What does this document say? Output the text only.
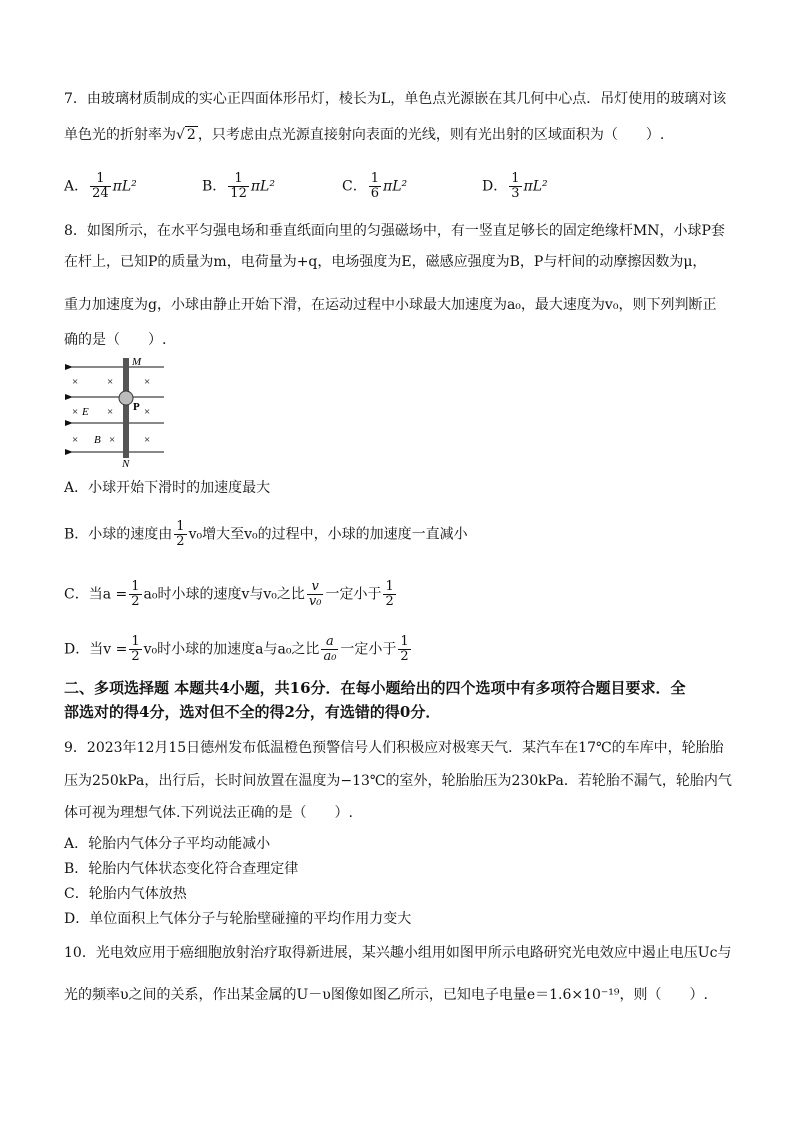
7．由玻璃材质制成的实心正四面体形吊灯，棱长为L，单色点光源嵌在其几何中心点．吊灯使用的玻璃对该
单色光的折射率为√ 2 ，只考虑由点光源直接射向表面的光线，则有光出射的区域面积为（　　）.
A． $\frac{1}{24} \pi L^2$	B． $\frac{1}{12} \pi L^2$	C． $\frac{1}{6} \pi L^2$	D． $\frac{1}{3} \pi L^2$
8．如图所示，在水平匀强电场和垂直纸面向里的匀强磁场中，有一竖直足够长的固定绝缘杆MN，小球P套
在杆上，已知P的质量为m，电荷量为+q，电场强度为E，磁感应强度为B，P与杆间的动摩擦因数为μ，
重力加速度为g，小球由静止开始下滑，在运动过程中小球最大加速度为a₀，最大速度为v₀，则下列判断正
确的是（　　）.
M
N
P
E
B
×	×	×
×	×	×
×	×	×
A．小球开始下滑时的加速度最大
B．小球的速度由 $\frac{1}{2} v_0$增大至v₀的过程中，小球的加速度一直减小
C．当$a = \frac{1}{2} a_0$时小球的速度v与v₀之比 $\frac{v}{\text{v₀}}$ 一定小于 $\frac{1}{2}$
D．当$v = \frac{1}{2} v_0$时小球的加速度a与a₀之比 $\frac{a}{\text{a₀}}$ 一定小于 $\frac{1}{2}$
二、多项选择题 本题共4小题，共16分．在每小题给出的四个选项中有多项符合题目要求．全
部选对的得4分，选对但不全的得2分，有选错的得0分．
9．2023年12月15日德州发布低温橙色预警信号人们积极应对极寒天气．某汽车在17℃的车库中，轮胎胎
压为250kPa，出行后，长时间放置在温度为−13℃的室外，轮胎胎压为230kPa．若轮胎不漏气，轮胎内气
体可视为理想气体.下列说法正确的是（　　）.
A．轮胎内气体分子平均动能减小
B．轮胎内气体状态变化符合查理定律
C．轮胎内气体放热
D．单位面积上气体分子与轮胎壁碰撞的平均作用力变大
10．光电效应用于癌细胞放射治疗取得新进展，某兴趣小组用如图甲所示电路研究光电效应中遏止电压Uc与
光的频率υ之间的关系，作出某金属的U－υ图像如图乙所示，已知电子电量e＝1.6×10⁻¹⁹，则（　　）.
